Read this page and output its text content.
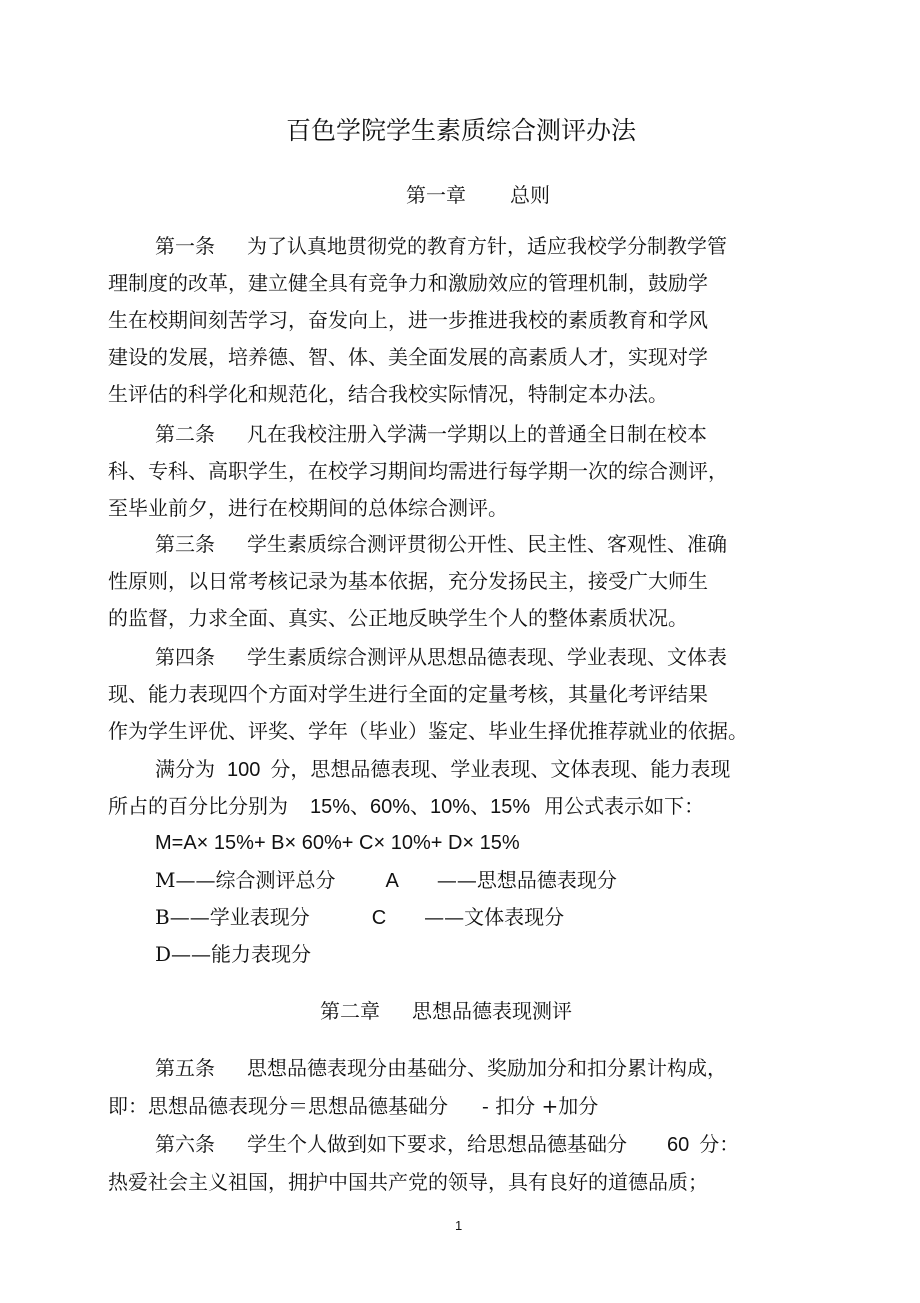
百色学院学生素质综合测评办法
第一章 总则
第一条 为了认真地贯彻党的教育方针，适应我校学分制教学管
理制度的改革，建立健全具有竞争力和激励效应的管理机制，鼓励学
生在校期间刻苦学习，奋发向上，进一步推进我校的素质教育和学风
建设的发展，培养德、智、体、美全面发展的高素质人才，实现对学
生评估的科学化和规范化，结合我校实际情况，特制定本办法。
第二条 凡在我校注册入学满一学期以上的普通全日制在校本
科、专科、高职学生，在校学习期间均需进行每学期一次的综合测评，
至毕业前夕，进行在校期间的总体综合测评。
第三条 学生素质综合测评贯彻公开性、民主性、客观性、准确
性原则，以日常考核记录为基本依据，充分发扬民主，接受广大师生
的监督，力求全面、真实、公正地反映学生个人的整体素质状况。
第四条 学生素质综合测评从思想品德表现、学业表现、文体表
现、能力表现四个方面对学生进行全面的定量考核，其量化考评结果
作为学生评优、评奖、学年（毕业）鉴定、毕业生择优推荐就业的依据。
满分为 100 分，思想品德表现、学业表现、文体表现、能力表现
所占的百分比分别为 15%、60%、10%、15% 用公式表示如下：
M=A× 15%+ B× 60%+ C× 10%+ D× 15%
M——综合测评总分	A ——思想品德表现分
B——学业表现分	C ——文体表现分
D——能力表现分
第二章 思想品德表现测评
第五条 思想品德表现分由基础分、奖励加分和扣分累计构成，
即：思想品德表现分＝思想品德基础分 - 扣分 +加分
第六条 学生个人做到如下要求，给思想品德基础分 60 分：
热爱社会主义祖国，拥护中国共产党的领导，具有良好的道德品质；
1
